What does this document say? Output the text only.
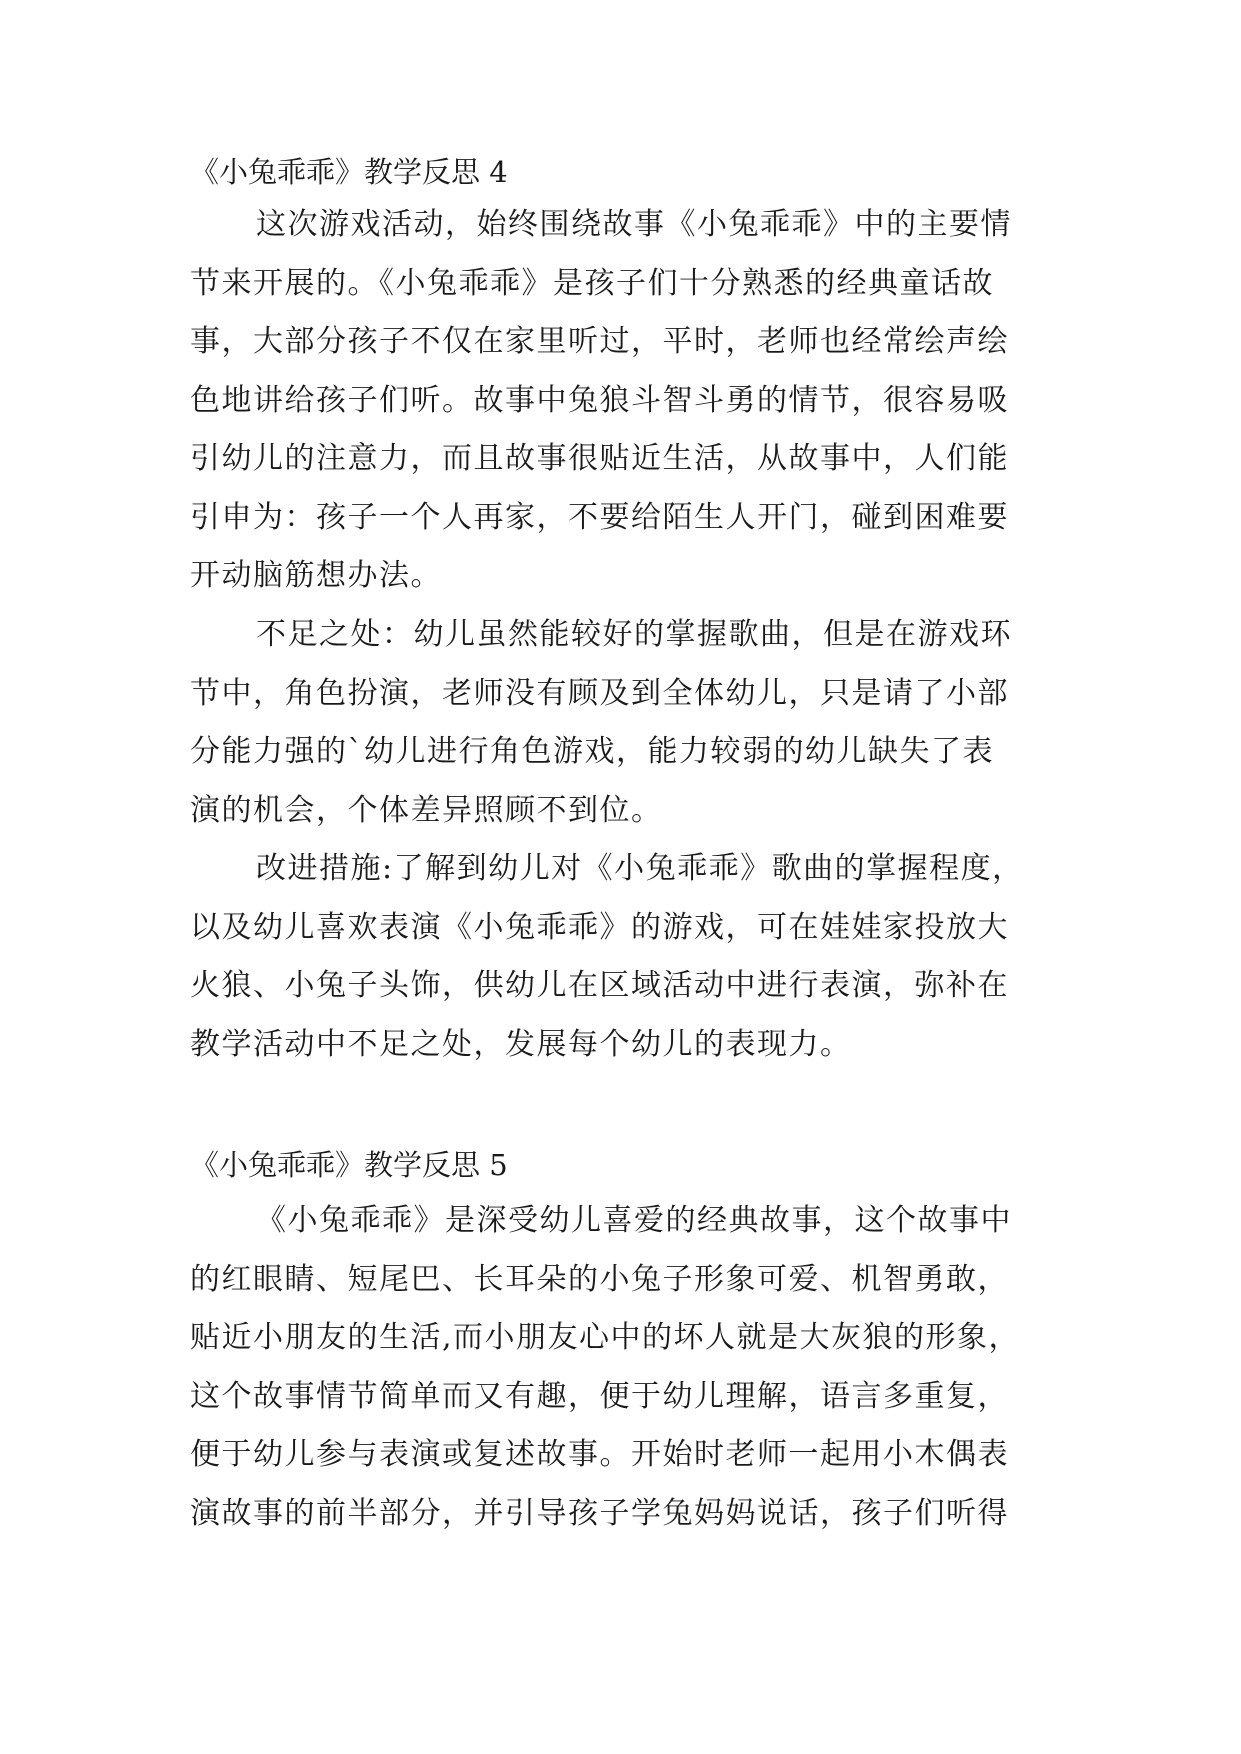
《小兔乖乖》教学反思 4
这次游戏活动，始终围绕故事《小兔乖乖》中的主要情
节来开展的。《小兔乖乖》是孩子们十分熟悉的经典童话故
事，大部分孩子不仅在家里听过，平时，老师也经常绘声绘
色地讲给孩子们听。故事中兔狼斗智斗勇的情节，很容易吸
引幼儿的注意力，而且故事很贴近生活，从故事中，人们能
引申为：孩子一个人再家，不要给陌生人开门，碰到困难要
开动脑筋想办法。
不足之处：幼儿虽然能较好的掌握歌曲，但是在游戏环
节中，角色扮演，老师没有顾及到全体幼儿，只是请了小部
分能力强的`幼儿进行角色游戏，能力较弱的幼儿缺失了表
演的机会，个体差异照顾不到位。
改进措施:了解到幼儿对《小兔乖乖》歌曲的掌握程度，
以及幼儿喜欢表演《小兔乖乖》的游戏，可在娃娃家投放大
火狼、小兔子头饰，供幼儿在区域活动中进行表演，弥补在
教学活动中不足之处，发展每个幼儿的表现力。
《小兔乖乖》教学反思 5
《小兔乖乖》是深受幼儿喜爱的经典故事，这个故事中
的红眼睛、短尾巴、长耳朵的小兔子形象可爱、机智勇敢，
贴近小朋友的生活,而小朋友心中的坏人就是大灰狼的形象，
这个故事情节简单而又有趣，便于幼儿理解，语言多重复，
便于幼儿参与表演或复述故事。开始时老师一起用小木偶表
演故事的前半部分，并引导孩子学兔妈妈说话，孩子们听得
